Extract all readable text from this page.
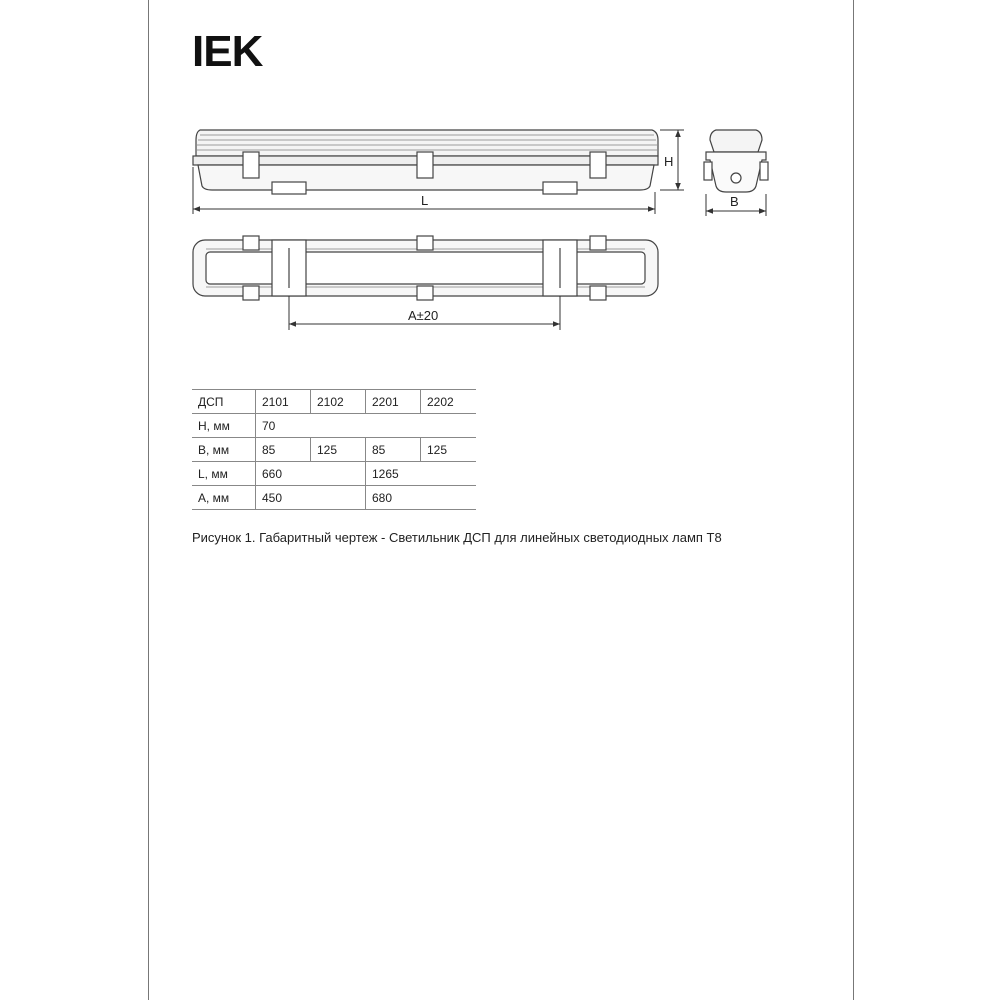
IEK
L
H
B
A±20
ДСП	2101	2102	2201	2202
H, мм	70			
B, мм	85	125	85	125
L, мм	660		1265	
A, мм	450		680	
Рисунок 1. Габаритный чертеж - Светильник ДСП для линейных светодиодных ламп Т8
